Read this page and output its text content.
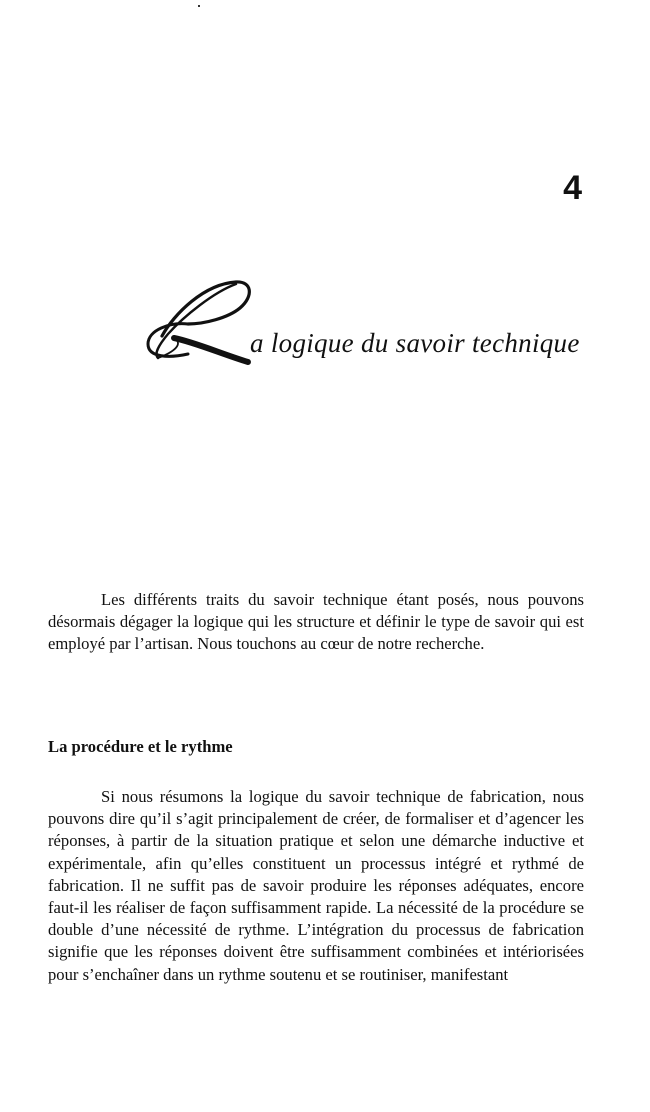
4
a logique du savoir technique

Les différents traits du savoir technique étant posés, nous pouvons désormais dégager la logique qui les structure et définir le type de savoir qui est employé par l’artisan. Nous touchons au cœur de notre recherche.

La procédure et le rythme

Si nous résumons la logique du savoir technique de fabrication, nous pouvons dire qu’il s’agit principalement de créer, de formaliser et d’agencer les réponses, à partir de la situation pratique et selon une démarche inductive et expérimentale, afin qu’elles constituent un processus intégré et rythmé de fabrication. Il ne suffit pas de savoir produire les réponses adéquates, encore faut-il les réaliser de façon suffisamment rapide. La nécessité de la procédure se double d’une nécessité de rythme. L’intégration du processus de fabrication signifie que les réponses doivent être suffisamment combinées et intériorisées pour s’enchaîner dans un rythme soutenu et se routiniser, manifestant
